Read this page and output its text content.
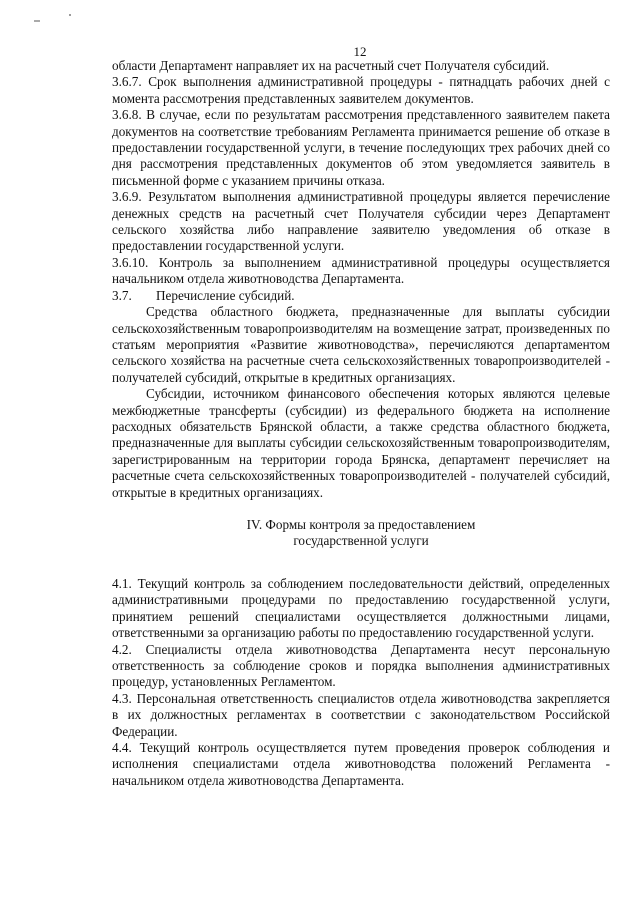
12

области Департамент направляет их на расчетный счет Получателя субсидий.

3.6.7. Срок выполнения административной процедуры - пятнадцать рабочих дней с момента рассмотрения представленных заявителем документов.

3.6.8. В случае, если по результатам рассмотрения представленного заявителем пакета документов на соответствие требованиям Регламента принимается решение об отказе в предоставлении государственной услуги, в течение последующих трех рабочих дней со дня рассмотрения представленных документов об этом уведомляется заявитель в письменной форме с указанием причины отказа.

3.6.9. Результатом выполнения административной процедуры является перечисление денежных средств на расчетный счет Получателя субсидии через Департамент сельского хозяйства либо направление заявителю уведомления об отказе в предоставлении государственной услуги.

3.6.10. Контроль за выполнением административной процедуры осуществляется начальником отдела животноводства Департамента.

3.7. Перечисление субсидий.

Средства областного бюджета, предназначенные для выплаты субсидии сельскохозяйственным товаропроизводителям на возмещение затрат, произведенных по статьям мероприятия «Развитие животноводства», перечисляются департаментом сельского хозяйства на расчетные счета сельскохозяйственных товаропроизводителей - получателей субсидий, открытые в кредитных организациях.

Субсидии, источником финансового обеспечения которых являются целевые межбюджетные трансферты (субсидии) из федерального бюджета на исполнение расходных обязательств Брянской области, а также средства областного бюджета, предназначенные для выплаты субсидии сельскохозяйственным товаропроизводителям, зарегистрированным на территории города Брянска, департамент перечисляет на расчетные счета сельскохозяйственных товаропроизводителей - получателей субсидий, открытые в кредитных организациях.

IV. Формы контроля за предоставлением
государственной услуги

4.1. Текущий контроль за соблюдением последовательности действий, определенных административными процедурами по предоставлению государственной услуги, принятием решений специалистами осуществляется должностными лицами, ответственными за организацию работы по предоставлению государственной услуги.

4.2. Специалисты отдела животноводства Департамента несут персональную ответственность за соблюдение сроков и порядка выполнения административных процедур, установленных Регламентом.

4.3. Персональная ответственность специалистов отдела животноводства закрепляется в их должностных регламентах в соответствии с законодательством Российской Федерации.

4.4. Текущий контроль осуществляется путем проведения проверок соблюдения и исполнения специалистами отдела животноводства положений Регламента - начальником отдела животноводства Департамента.
